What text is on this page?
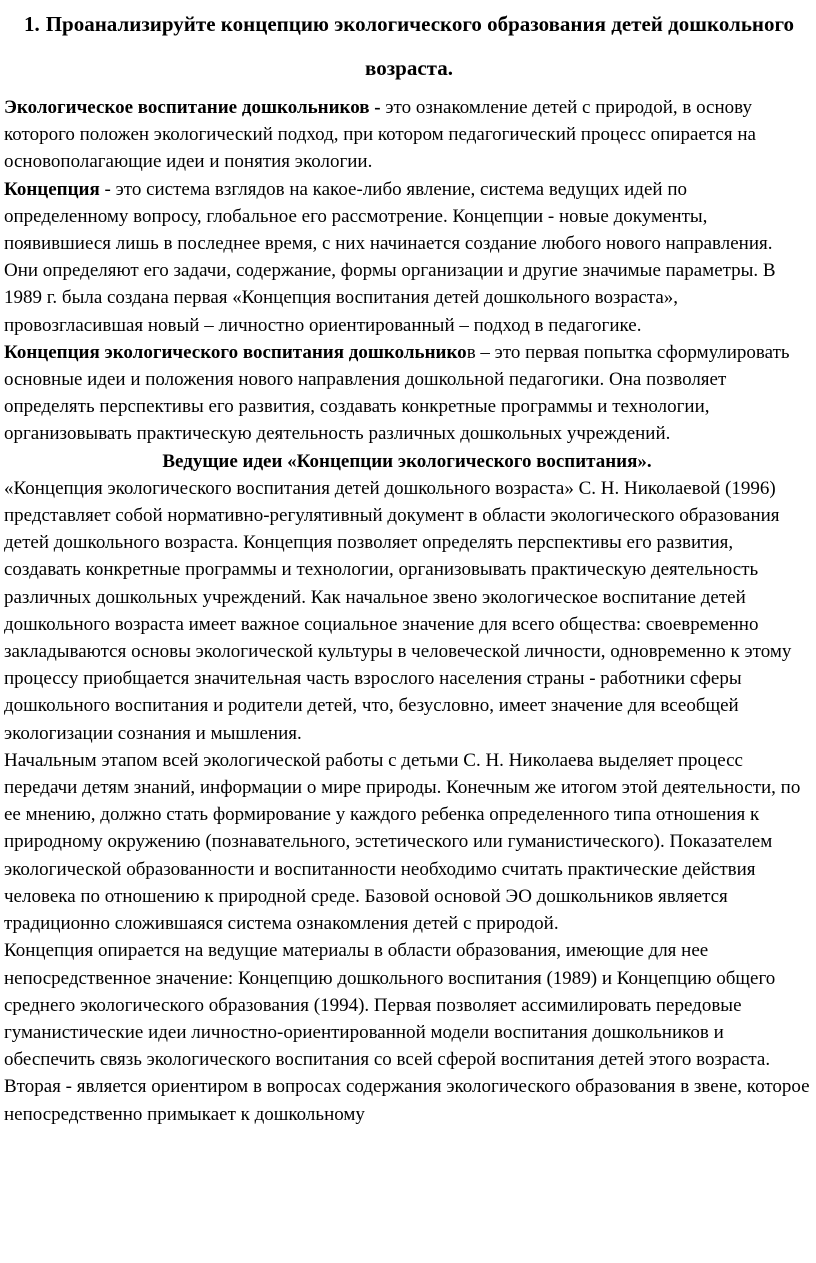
1. Проанализируйте концепцию экологического образования детей дошкольного возраста.

Экологическое воспитание дошкольников - это ознакомление детей с природой, в основу которого положен экологический подход, при котором педагогический процесс опирается на основополагающие идеи и понятия экологии.

Концепция - это система взглядов на какое-либо явление, система ведущих идей по определенному вопросу, глобальное его рассмотрение. Концепции - новые документы, появившиеся лишь в последнее время, с них начинается создание любого нового направления. Они определяют его задачи, содержание, формы организации и другие значимые параметры. В 1989 г. была создана первая «Концепция воспитания детей дошкольного возраста», провозгласившая новый – личностно ориентированный – подход в педагогике.

Концепция экологического воспитания дошкольников – это первая попытка сформулировать основные идеи и положения нового направления дошкольной педагогики. Она позволяет определять перспективы его развития, создавать конкретные программы и технологии, организовывать практическую деятельность различных дошкольных учреждений.

Ведущие идеи «Концепции экологического воспитания».

«Концепция экологического воспитания детей дошкольного возраста» С. Н. Николаевой (1996) представляет собой нормативно-регулятивный документ в области экологического образования детей дошкольного возраста. Концепция позволяет определять перспективы его развития, создавать конкретные программы и технологии, организовывать практическую деятельность различных дошкольных учреждений. Как начальное звено экологическое воспитание детей дошкольного возраста имеет важное социальное значение для всего общества: своевременно закладываются основы экологической культуры в человеческой личности, одновременно к этому процессу приобщается значительная часть взрослого населения страны - работники сферы дошкольного воспитания и родители детей, что, безусловно, имеет значение для всеобщей экологизации сознания и мышления.

Начальным этапом всей экологической работы с детьми С. Н. Николаева выделяет процесс передачи детям знаний, информации о мире природы. Конечным же итогом этой деятельности, по ее мнению, должно стать формирование у каждого ребенка определенного типа отношения к природному окружению (познавательного, эстетического или гуманистического). Показателем экологической образованности и воспитанности необходимо считать практические действия человека по отношению к природной среде. Базовой основой ЭО дошкольников является традиционно сложившаяся система ознакомления детей с природой.

Концепция опирается на ведущие материалы в области образования, имеющие для нее непосредственное значение: Концепцию дошкольного воспитания (1989) и Концепцию общего среднего экологического образования (1994). Первая позволяет ассимилировать передовые гуманистические идеи личностно-ориентированной модели воспитания дошкольников и обеспечить связь экологического воспитания со всей сферой воспитания детей этого возраста. Вторая - является ориентиром в вопросах содержания экологического образования в звене, которое непосредственно примыкает к дошкольному
